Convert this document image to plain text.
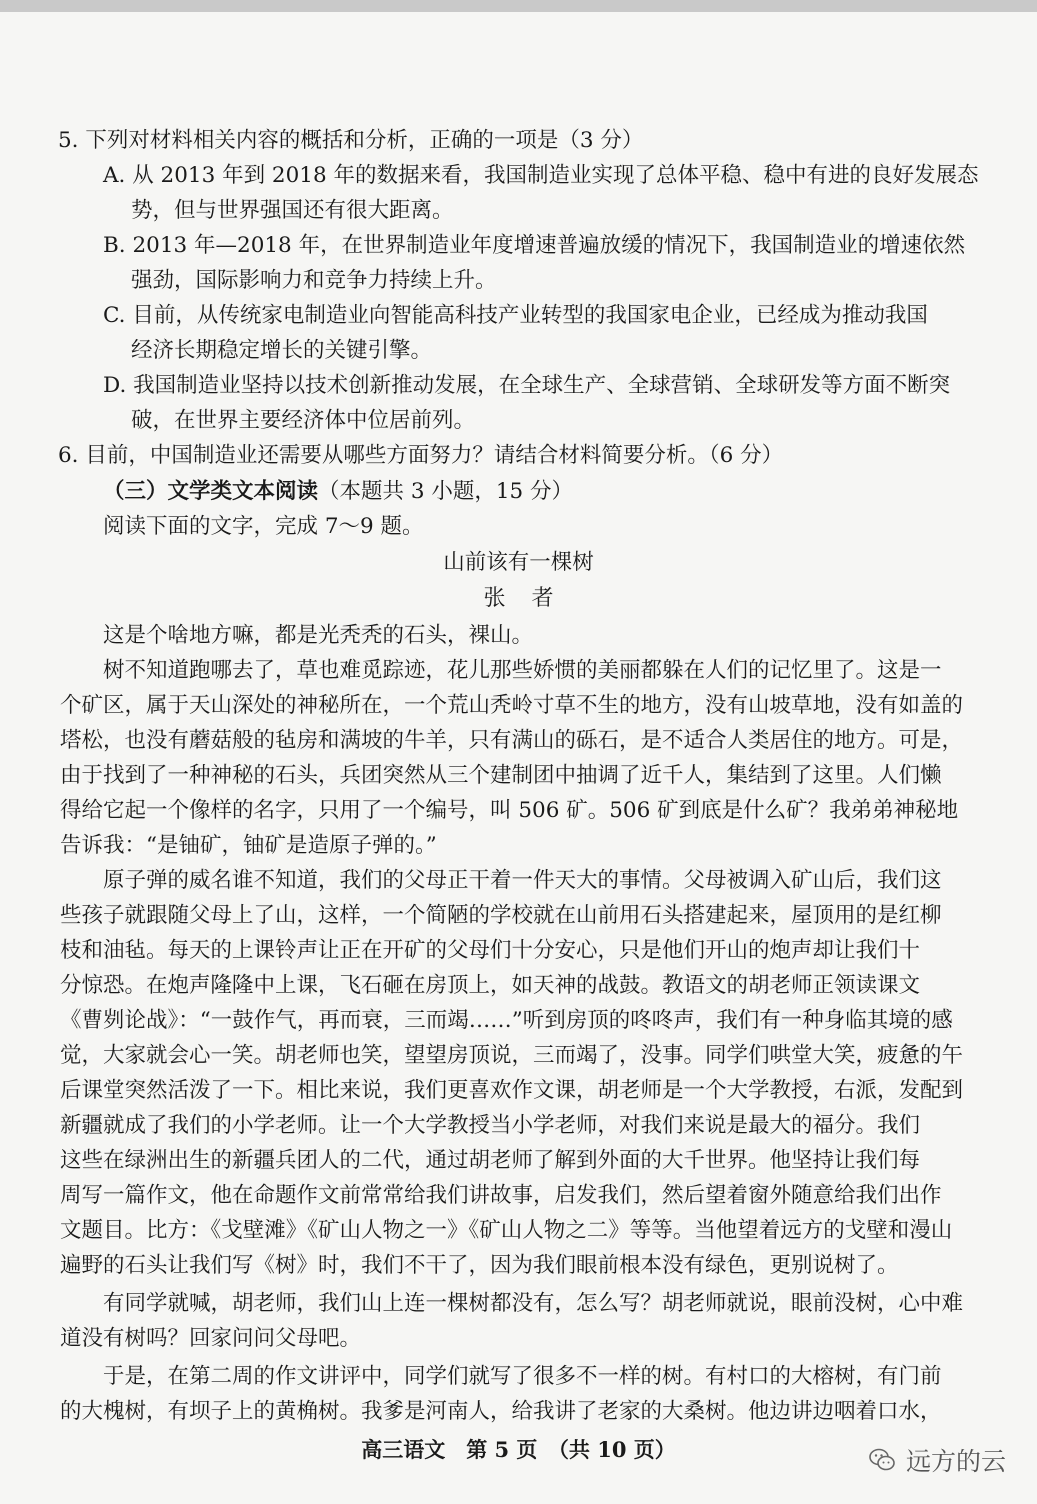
5. 下列对材料相关内容的概括和分析，正确的一项是（3 分）
A. 从 2013 年到 2018 年的数据来看，我国制造业实现了总体平稳、稳中有进的良好发展态
势，但与世界强国还有很大距离。
B. 2013 年—2018 年，在世界制造业年度增速普遍放缓的情况下，我国制造业的增速依然
强劲，国际影响力和竞争力持续上升。
C. 目前，从传统家电制造业向智能高科技产业转型的我国家电企业，已经成为推动我国
经济长期稳定增长的关键引擎。
D. 我国制造业坚持以技术创新推动发展，在全球生产、全球营销、全球研发等方面不断突
破，在世界主要经济体中位居前列。
6. 目前，中国制造业还需要从哪些方面努力？请结合材料简要分析。（6 分）
（三）文学类文本阅读（本题共 3 小题，15 分）
阅读下面的文字，完成 7～9 题。
山前该有一棵树
张者
这是个啥地方嘛，都是光秃秃的石头，裸山。
树不知道跑哪去了，草也难觅踪迹，花儿那些娇惯的美丽都躲在人们的记忆里了。这是一
个矿区，属于天山深处的神秘所在，一个荒山秃岭寸草不生的地方，没有山坡草地，没有如盖的
塔松，也没有蘑菇般的毡房和满坡的牛羊，只有满山的砾石，是不适合人类居住的地方。可是，
由于找到了一种神秘的石头，兵团突然从三个建制团中抽调了近千人，集结到了这里。人们懒
得给它起一个像样的名字，只用了一个编号，叫 506 矿。506 矿到底是什么矿？我弟弟神秘地
告诉我：“是铀矿，铀矿是造原子弹的。”
原子弹的威名谁不知道，我们的父母正干着一件天大的事情。父母被调入矿山后，我们这
些孩子就跟随父母上了山，这样，一个简陋的学校就在山前用石头搭建起来，屋顶用的是红柳
枝和油毡。每天的上课铃声让正在开矿的父母们十分安心，只是他们开山的炮声却让我们十
分惊恐。在炮声隆隆中上课，飞石砸在房顶上，如天神的战鼓。教语文的胡老师正领读课文
《曹刿论战》：“一鼓作气，再而衰，三而竭……”听到房顶的咚咚声，我们有一种身临其境的感
觉，大家就会心一笑。胡老师也笑，望望房顶说，三而竭了，没事。同学们哄堂大笑，疲惫的午
后课堂突然活泼了一下。相比来说，我们更喜欢作文课，胡老师是一个大学教授，右派，发配到
新疆就成了我们的小学老师。让一个大学教授当小学老师，对我们来说是最大的福分。我们
这些在绿洲出生的新疆兵团人的二代，通过胡老师了解到外面的大千世界。他坚持让我们每
周写一篇作文，他在命题作文前常常给我们讲故事，启发我们，然后望着窗外随意给我们出作
文题目。比方：《戈壁滩》《矿山人物之一》《矿山人物之二》等等。当他望着远方的戈壁和漫山
遍野的石头让我们写《树》时，我们不干了，因为我们眼前根本没有绿色，更别说树了。
有同学就喊，胡老师，我们山上连一棵树都没有，怎么写？胡老师就说，眼前没树，心中难
道没有树吗？回家问问父母吧。
于是，在第二周的作文讲评中，同学们就写了很多不一样的树。有村口的大榕树，有门前
的大槐树，有坝子上的黄桷树。我爹是河南人，给我讲了老家的大桑树。他边讲边咽着口水，
高三语文　第 5 页　（共 10 页）	远方的云
